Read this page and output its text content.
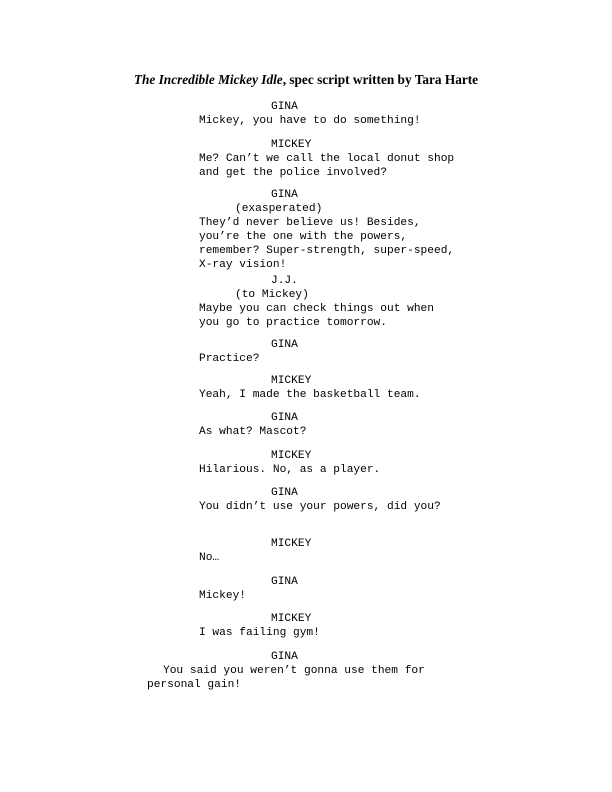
The Incredible Mickey Idle, spec script written by Tara Harte

GINA

Mickey, you have to do something!

MICKEY

Me? Can’t we call the local donut shop

and get the police involved?

GINA

(exasperated)

They’d never believe us! Besides,

you’re the one with the powers,

remember? Super-strength, super-speed,

X-ray vision!

J.J.

(to Mickey)

Maybe you can check things out when

you go to practice tomorrow.

GINA

Practice?

MICKEY

Yeah, I made the basketball team.

GINA

As what? Mascot?

MICKEY

Hilarious. No, as a player.

GINA

You didn’t use your powers, did you?

MICKEY

No…

GINA

Mickey!

MICKEY

I was failing gym!

GINA

You said you weren’t gonna use them for

personal gain!
